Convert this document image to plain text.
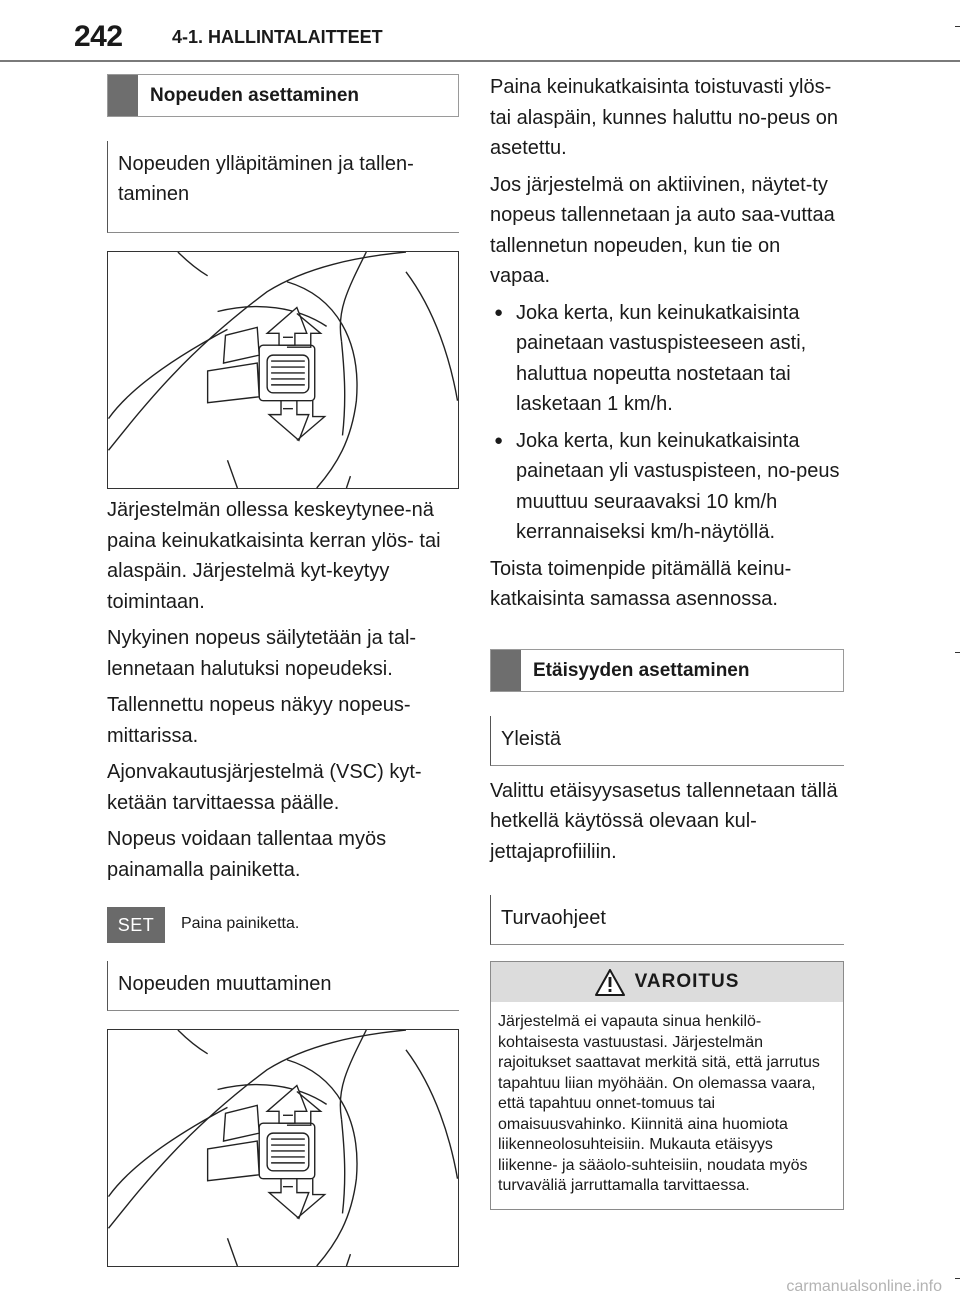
242	4-1. HALLINTALAITTEET
Nopeuden asettaminen
Nopeuden ylläpitäminen ja tallen-taminen

Järjestelmän ollessa keskeytynee-nä paina keinukatkaisinta kerran ylös- tai alaspäin. Järjestelmä kyt-keytyy toimintaan.

Nykyinen nopeus säilytetään ja tal-lennetaan halutuksi nopeudeksi.

Tallennettu nopeus näkyy nopeus-mittarissa.

Ajonvakautusjärjestelmä (VSC) kyt-ketään tarvittaessa päälle.

Nopeus voidaan tallentaa myös painamalla painiketta.

SET	Paina painiketta.
Nopeuden muuttaminen

Paina keinukatkaisinta toistuvasti ylös- tai alaspäin, kunnes haluttu no-peus on asetettu.

Jos järjestelmä on aktiivinen, näytet-ty nopeus tallennetaan ja auto saa-vuttaa tallennetun nopeuden, kun tie on vapaa.

● Joka kerta, kun keinukatkaisinta painetaan vastuspisteeseen asti, haluttua nopeutta nostetaan tai lasketaan 1 km/h.
● Joka kerta, kun keinukatkaisinta painetaan yli vastuspisteen, no-peus muuttuu seuraavaksi 10 km/h kerrannaiseksi km/h-näytöllä.

Toista toimenpide pitämällä keinu-katkaisinta samassa asennossa.

Etäisyyden asettaminen
Yleistä

Valittu etäisyysasetus tallennetaan tällä hetkellä käytössä olevaan kul-jettajaprofiiliin.

Turvaohjeet
VAROITUS
Järjestelmä ei vapauta sinua henkilö-kohtaisesta vastuustasi. Järjestelmän rajoitukset saattavat merkitä sitä, että jarrutus tapahtuu liian myöhään. On olemassa vaara, että tapahtuu onnet-tomuus tai omaisuusvahinko. Kiinnitä aina huomiota liikenneolosuhteisiin. Mukauta etäisyys liikenne- ja sääolo-suhteisiin, noudata myös turvaväliä jarruttamalla tarvittaessa.
carmanualsonline.info
